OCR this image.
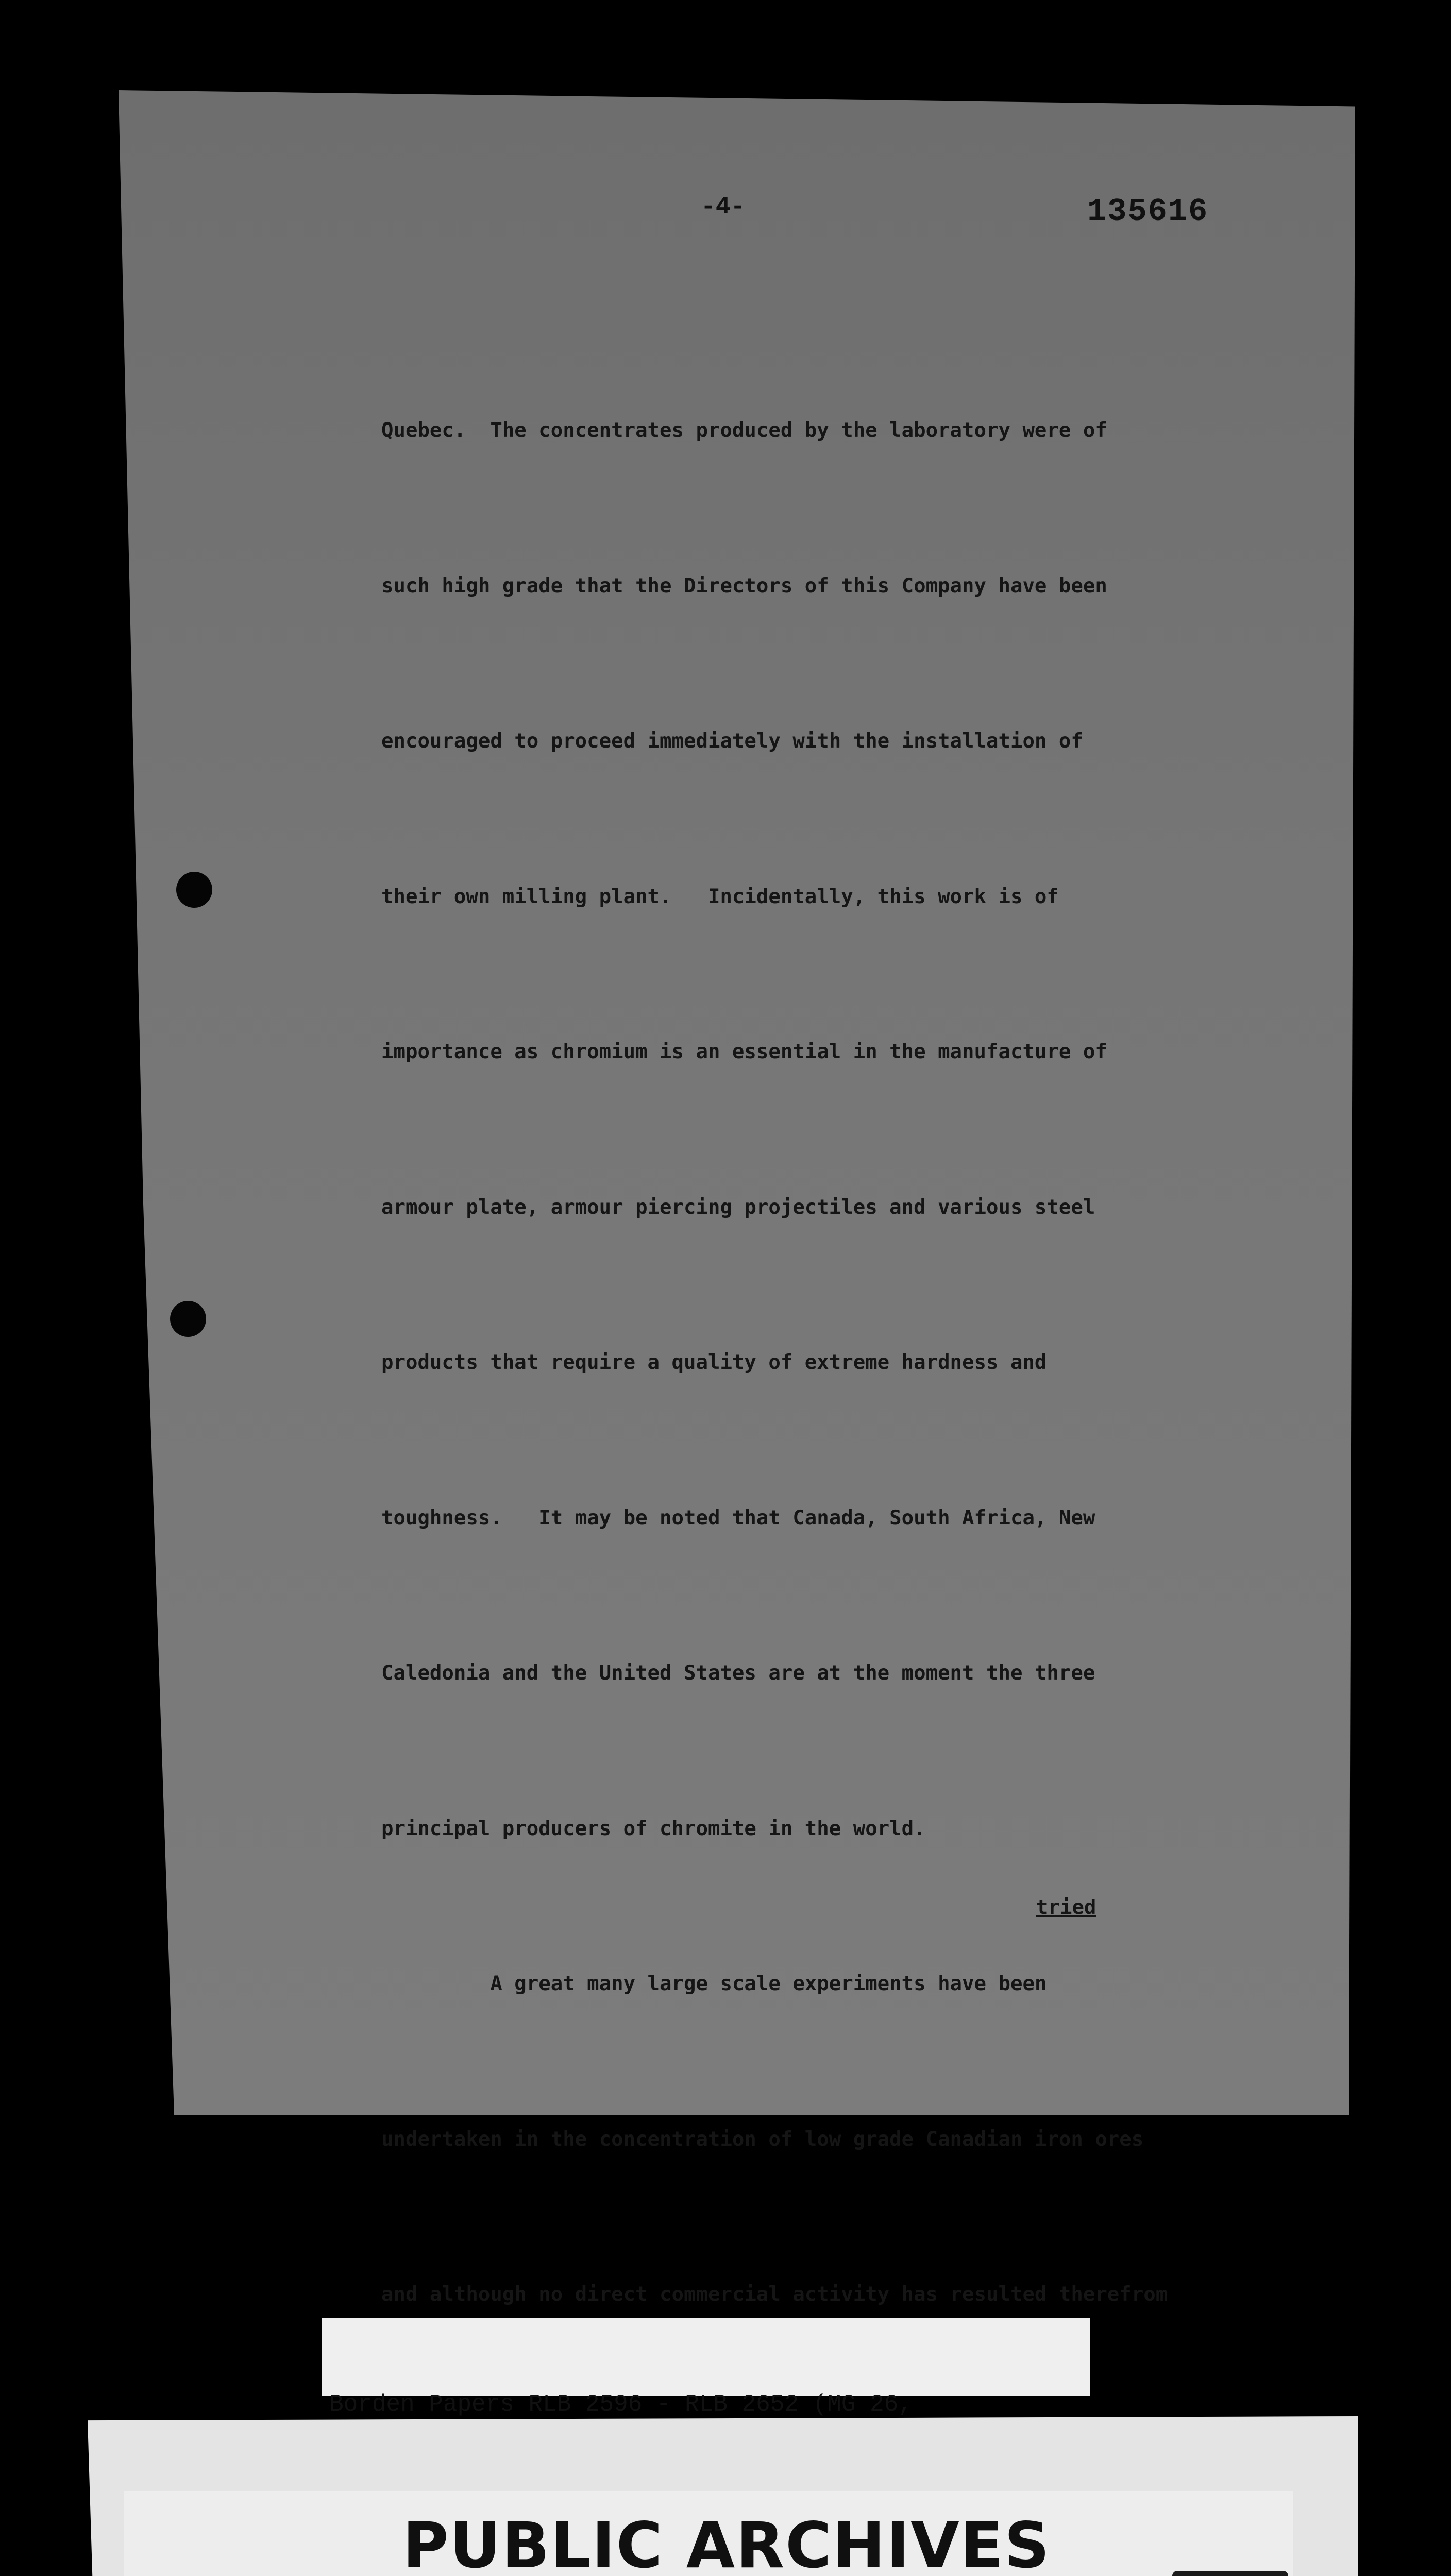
-4-	135616

Quebec.  The concentrates produced by the laboratory were of

such high grade that the Directors of this Company have been

encouraged to proceed immediately with the installation of

their own milling plant.   Incidentally, this work is of

importance as chromium is an essential in the manufacture of

armour plate, armour piercing projectiles and various steel

products that require a quality of extreme hardness and

toughness.   It may be noted that Canada, South Africa, New

Caledonia and the United States are at the moment the three

principal producers of chromite in the world.

A great many large scale experiments have been

undertaken in the concentration of low grade Canadian iron ores

and although no direct commercial activity has resulted therefrom

tried

Borden Papers RLB 2596 - RLB 2652 (MG 26,

PUBLIC ARCHIVES
